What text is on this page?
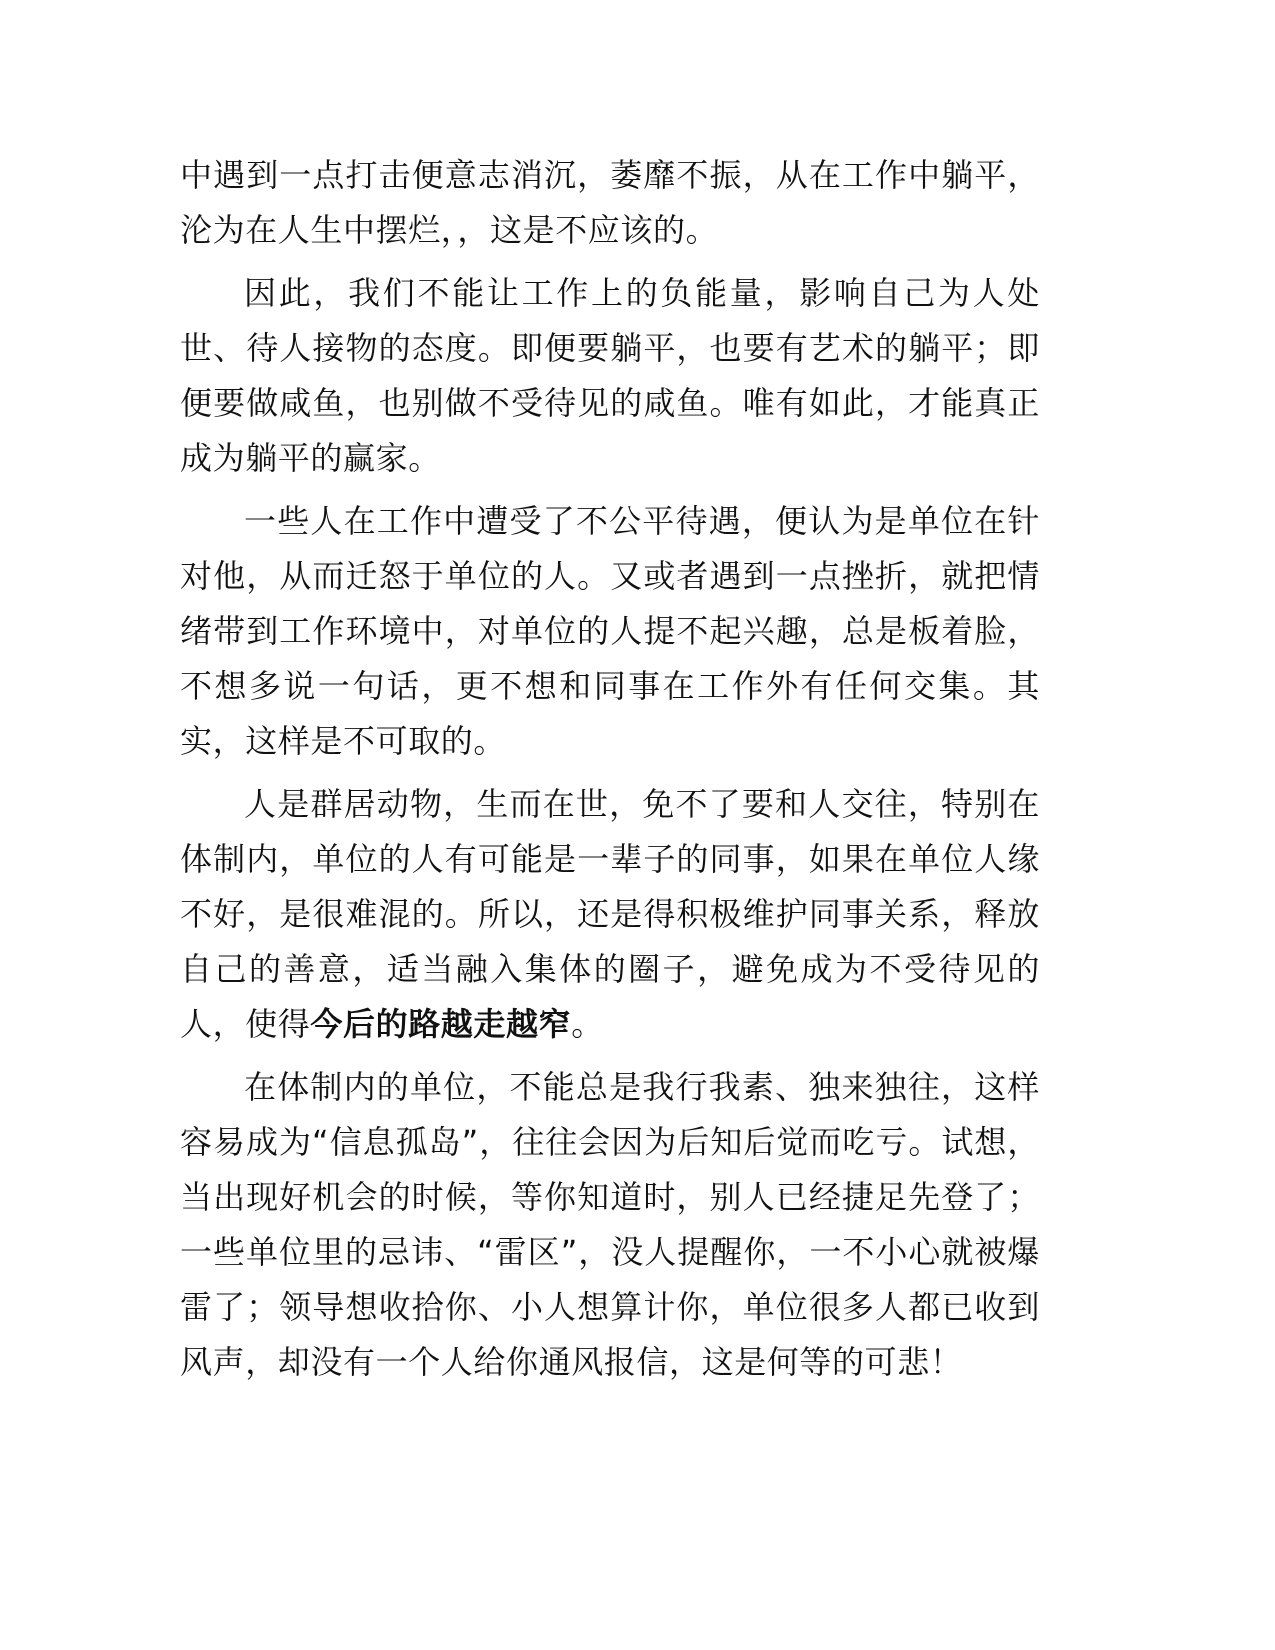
中遇到一点打击便意志消沉，萎靡不振，从在工作中躺平，沦为在人生中摆烂，，这是不应该的。

因此，我们不能让工作上的负能量，影响自己为人处世、待人接物的态度。即便要躺平，也要有艺术的躺平；即便要做咸鱼，也别做不受待见的咸鱼。唯有如此，才能真正成为躺平的赢家。

一些人在工作中遭受了不公平待遇，便认为是单位在针对他，从而迁怒于单位的人。又或者遇到一点挫折，就把情绪带到工作环境中，对单位的人提不起兴趣，总是板着脸，不想多说一句话，更不想和同事在工作外有任何交集。其实，这样是不可取的。

人是群居动物，生而在世，免不了要和人交往，特别在体制内，单位的人有可能是一辈子的同事，如果在单位人缘不好，是很难混的。所以，还是得积极维护同事关系，释放自己的善意，适当融入集体的圈子，避免成为不受待见的人，使得今后的路越走越窄。

在体制内的单位，不能总是我行我素、独来独往，这样容易成为“信息孤岛”，往往会因为后知后觉而吃亏。试想，当出现好机会的时候，等你知道时，别人已经捷足先登了；一些单位里的忌讳、“雷区”，没人提醒你，一不小心就被爆雷了；领导想收拾你、小人想算计你，单位很多人都已收到风声，却没有一个人给你通风报信，这是何等的可悲！
